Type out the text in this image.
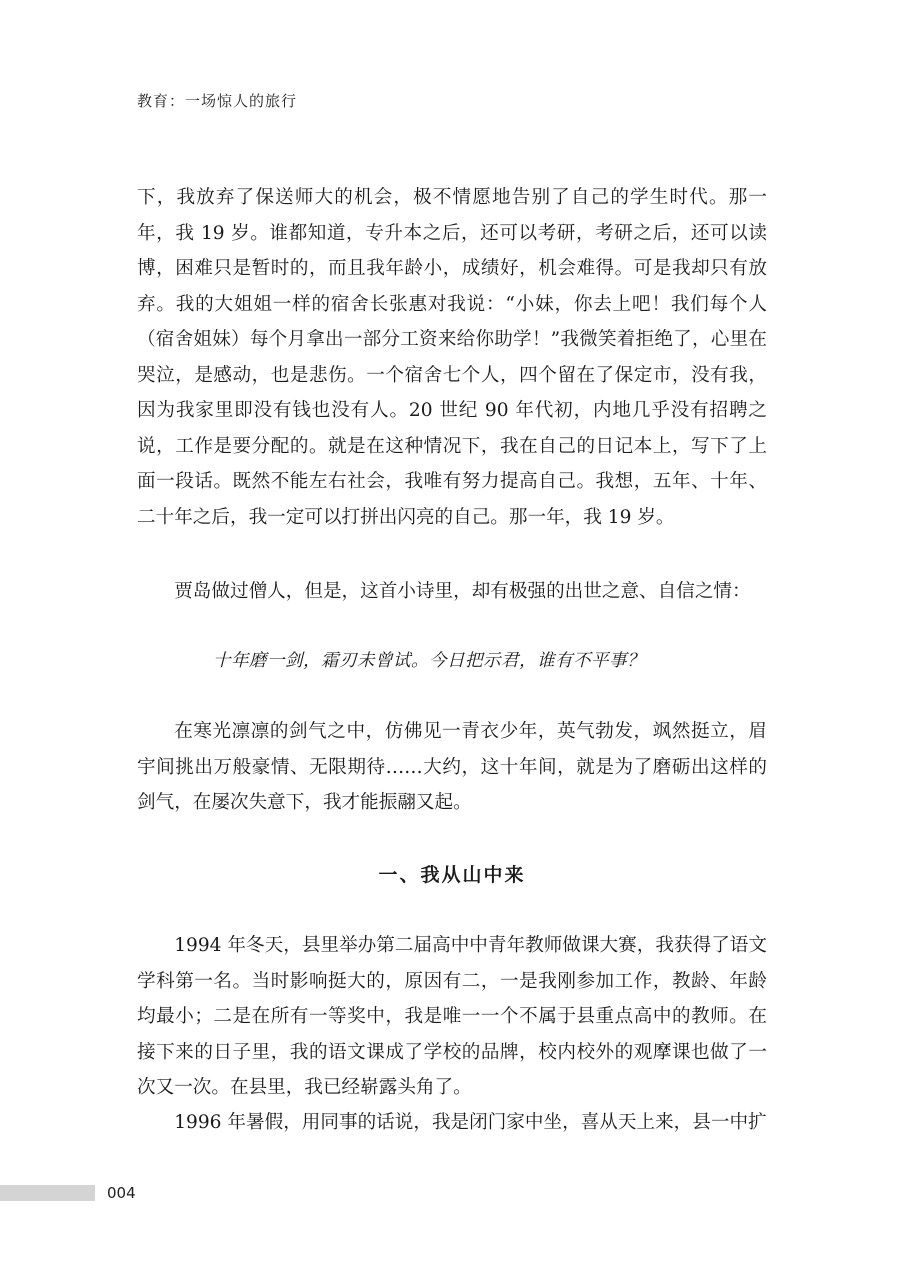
教育：一场惊人的旅行

下，我放弃了保送师大的机会，极不情愿地告别了自己的学生时代。那一年，我 19 岁。谁都知道，专升本之后，还可以考研，考研之后，还可以读博，困难只是暂时的，而且我年龄小，成绩好，机会难得。可是我却只有放弃。我的大姐姐一样的宿舍长张惠对我说：“小妹，你去上吧！我们每个人（宿舍姐妹）每个月拿出一部分工资来给你助学！”我微笑着拒绝了，心里在哭泣，是感动，也是悲伤。一个宿舍七个人，四个留在了保定市，没有我，因为我家里即没有钱也没有人。20 世纪 90 年代初，内地几乎没有招聘之说，工作是要分配的。就是在这种情况下，我在自己的日记本上，写下了上面一段话。既然不能左右社会，我唯有努力提高自己。我想，五年、十年、二十年之后，我一定可以打拼出闪亮的自己。那一年，我 19 岁。

贾岛做过僧人，但是，这首小诗里，却有极强的出世之意、自信之情：

十年磨一剑，霜刃未曾试。今日把示君，谁有不平事？

在寒光凛凛的剑气之中，仿佛见一青衣少年，英气勃发，飒然挺立，眉宇间挑出万般豪情、无限期待……大约，这十年间，就是为了磨砺出这样的剑气，在屡次失意下，我才能振翮又起。

一、我从山中来

1994 年冬天，县里举办第二届高中中青年教师做课大赛，我获得了语文学科第一名。当时影响挺大的，原因有二，一是我刚参加工作，教龄、年龄均最小；二是在所有一等奖中，我是唯一一个不属于县重点高中的教师。在接下来的日子里，我的语文课成了学校的品牌，校内校外的观摩课也做了一次又一次。在县里，我已经崭露头角了。

1996 年暑假，用同事的话说，我是闭门家中坐，喜从天上来，县一中扩

004
